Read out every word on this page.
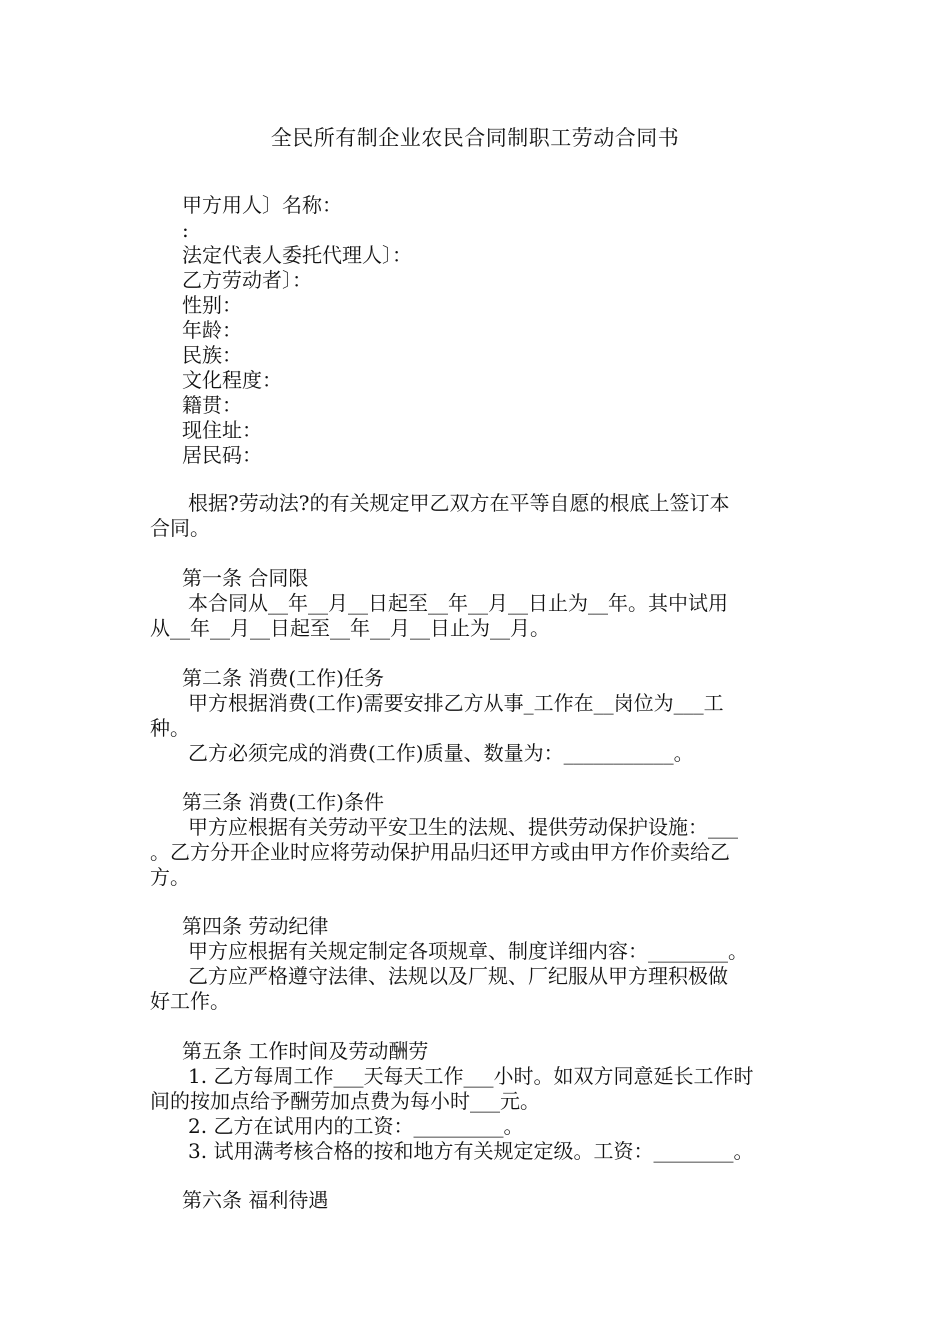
全民所有制企业农民合同制职工劳动合同书
甲方用人〕名称：
:
法定代表人委托代理人〕：
乙方劳动者〕：
性别：
年龄：
民族：
文化程度：
籍贯：
现住址：
居民码：
根据?劳动法?的有关规定甲乙双方在平等自愿的根底上签订本
合同。
第一条 合同限
本合同从__年__月__日起至__年__月__日止为__年。其中试用
从__年__月__日起至__年__月__日止为__月。
第二条 消费(工作)任务
甲方根据消费(工作)需要安排乙方从事_工作在__岗位为___工
种。
乙方必须完成的消费(工作)质量、数量为：___________。
第三条 消费(工作)条件
甲方应根据有关劳动平安卫生的法规、提供劳动保护设施：___
。乙方分开企业时应将劳动保护用品归还甲方或由甲方作价卖给乙
方。
第四条 劳动纪律
甲方应根据有关规定制定各项规章、制度详细内容：________。
乙方应严格遵守法律、法规以及厂规、厂纪服从甲方理积极做
好工作。
第五条 工作时间及劳动酬劳
1. 乙方每周工作___天每天工作___小时。如双方同意延长工作时
间的按加点给予酬劳加点费为每小时___元。
2. 乙方在试用内的工资：_________。
3. 试用满考核合格的按和地方有关规定定级。工资：________。
第六条 福利待遇
